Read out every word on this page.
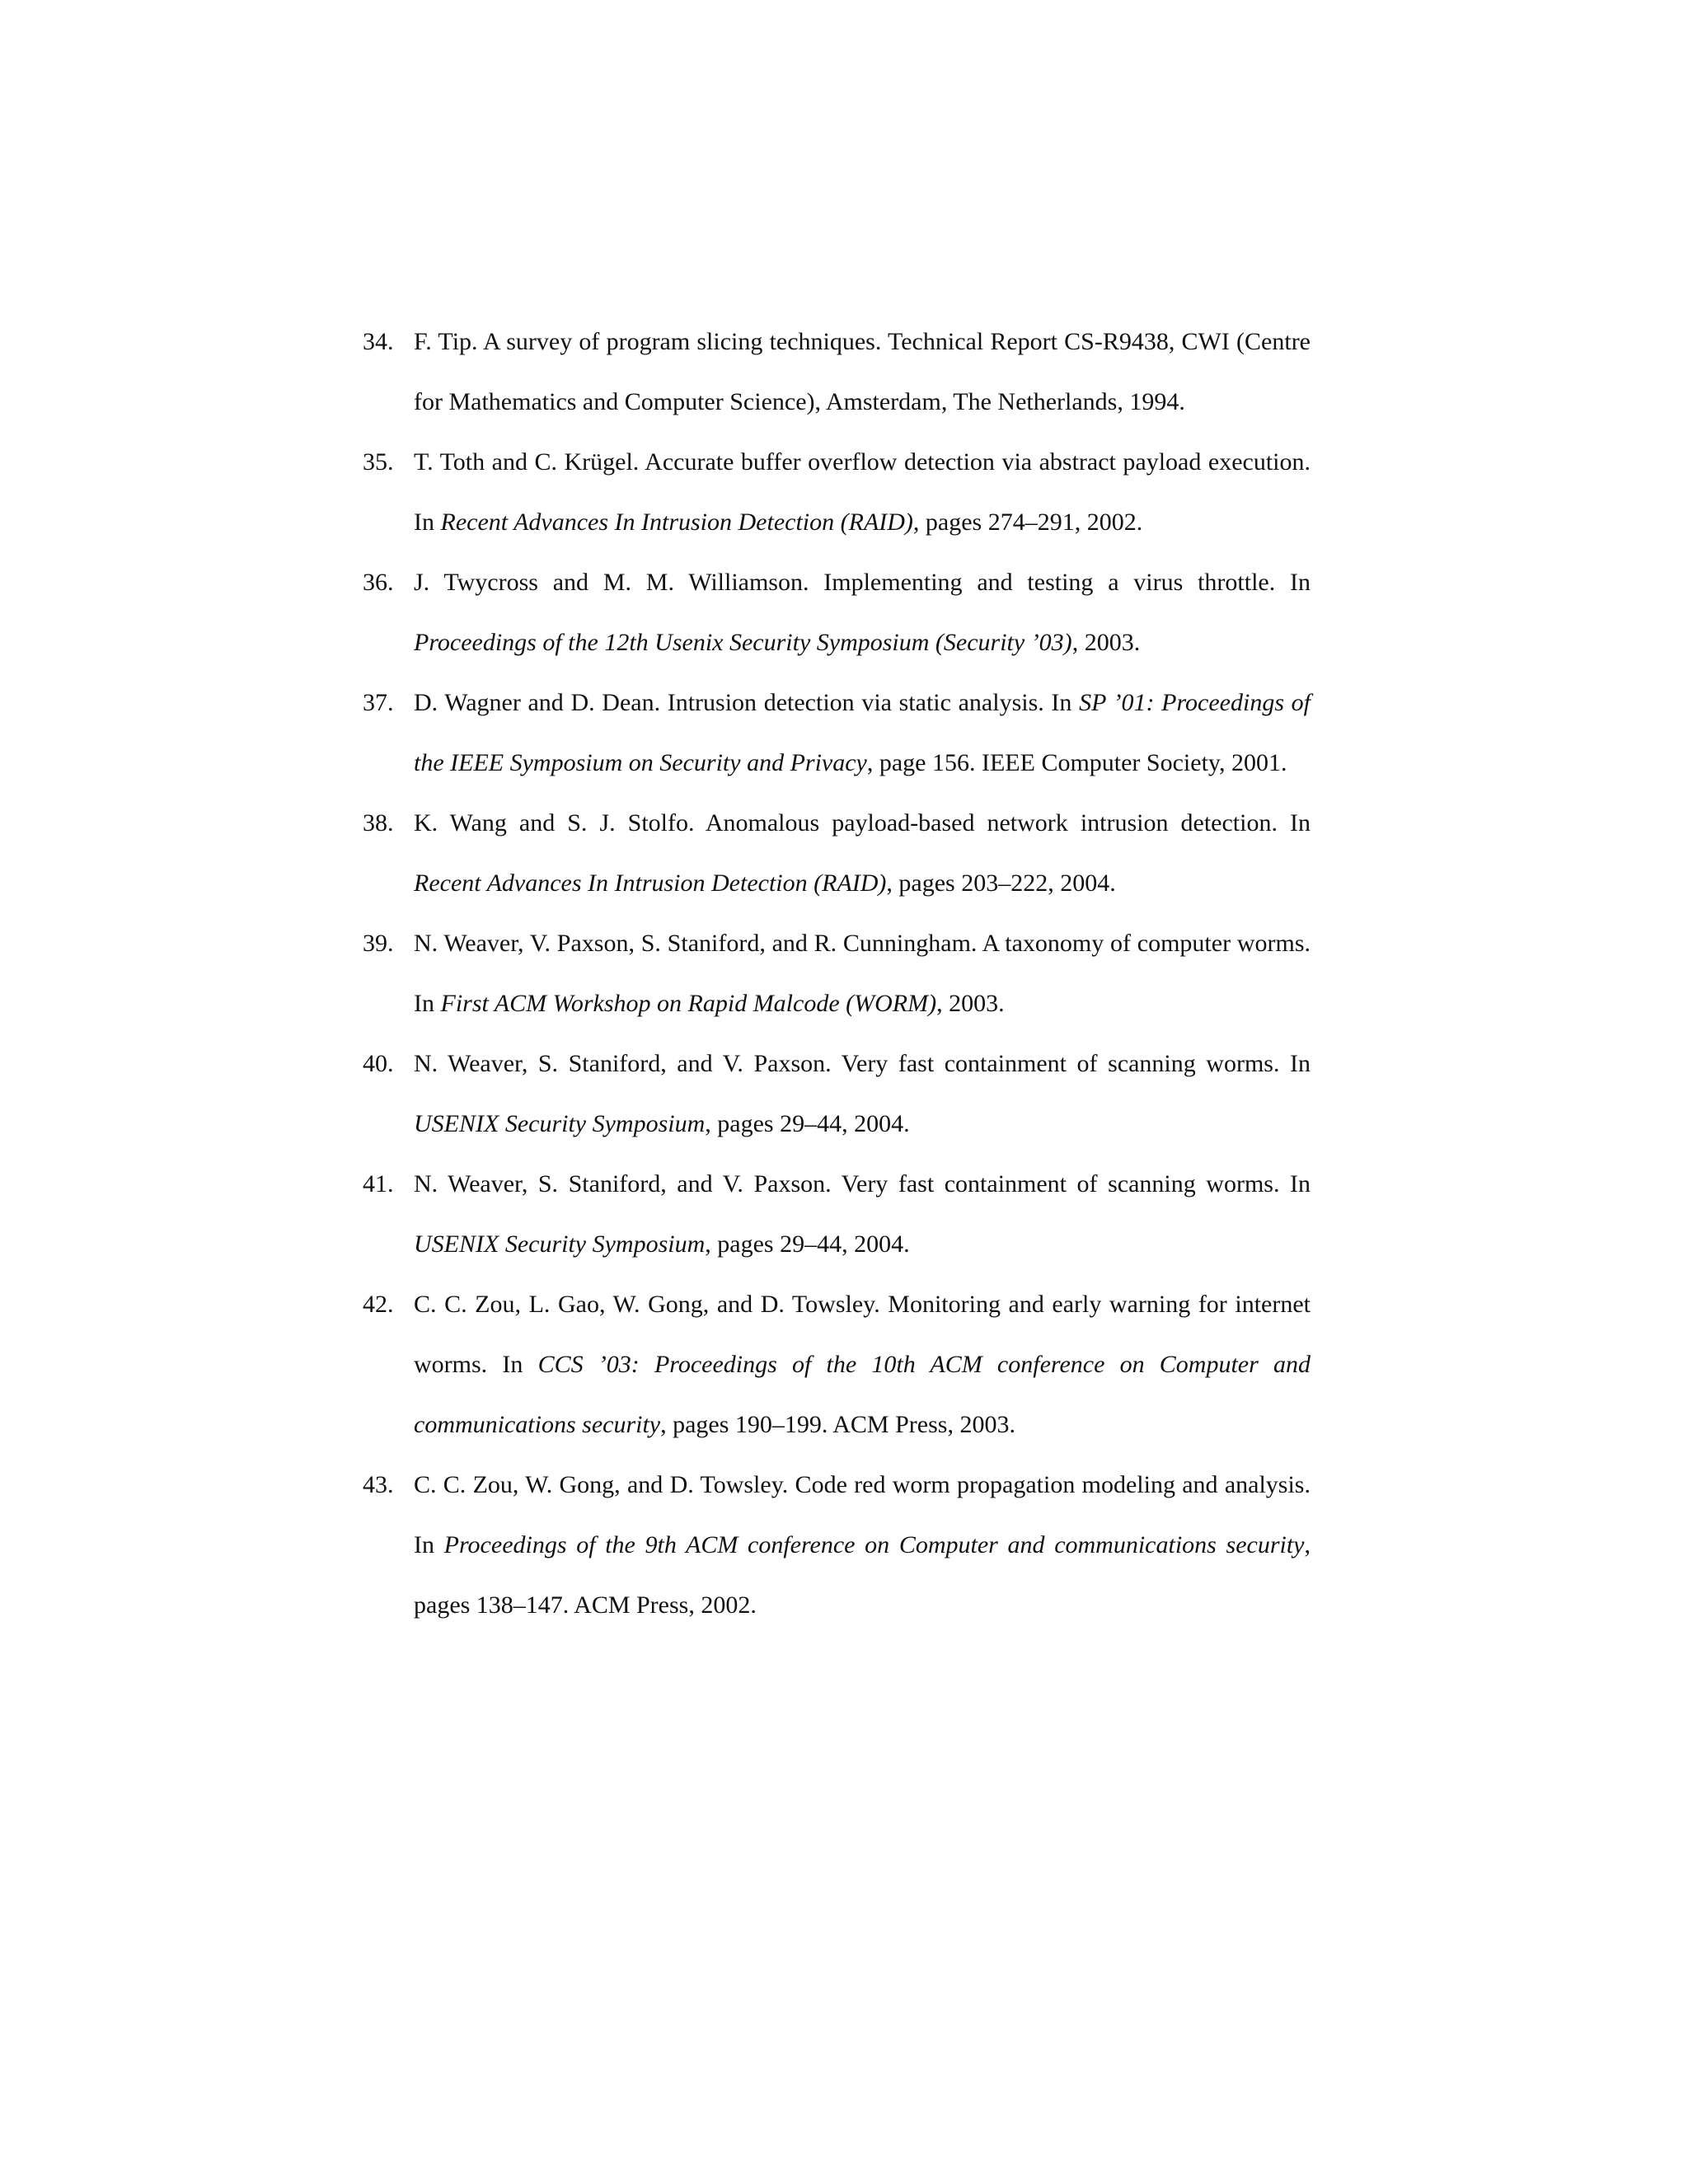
34. F. Tip. A survey of program slicing techniques. Technical Report CS-R9438, CWI (Centre for Mathematics and Computer Science), Amsterdam, The Netherlands, 1994.
35. T. Toth and C. Krügel. Accurate buffer overflow detection via abstract payload execution. In Recent Advances In Intrusion Detection (RAID), pages 274–291, 2002.
36. J. Twycross and M. M. Williamson. Implementing and testing a virus throttle. In Proceedings of the 12th Usenix Security Symposium (Security ’03), 2003.
37. D. Wagner and D. Dean. Intrusion detection via static analysis. In SP ’01: Proceedings of the IEEE Symposium on Security and Privacy, page 156. IEEE Computer Society, 2001.
38. K. Wang and S. J. Stolfo. Anomalous payload-based network intrusion detection. In Recent Advances In Intrusion Detection (RAID), pages 203–222, 2004.
39. N. Weaver, V. Paxson, S. Staniford, and R. Cunningham. A taxonomy of computer worms. In First ACM Workshop on Rapid Malcode (WORM), 2003.
40. N. Weaver, S. Staniford, and V. Paxson. Very fast containment of scanning worms. In USENIX Security Symposium, pages 29–44, 2004.
41. N. Weaver, S. Staniford, and V. Paxson. Very fast containment of scanning worms. In USENIX Security Symposium, pages 29–44, 2004.
42. C. C. Zou, L. Gao, W. Gong, and D. Towsley. Monitoring and early warning for internet worms. In CCS ’03: Proceedings of the 10th ACM conference on Computer and communications security, pages 190–199. ACM Press, 2003.
43. C. C. Zou, W. Gong, and D. Towsley. Code red worm propagation modeling and analysis. In Proceedings of the 9th ACM conference on Computer and communications security, pages 138–147. ACM Press, 2002.
